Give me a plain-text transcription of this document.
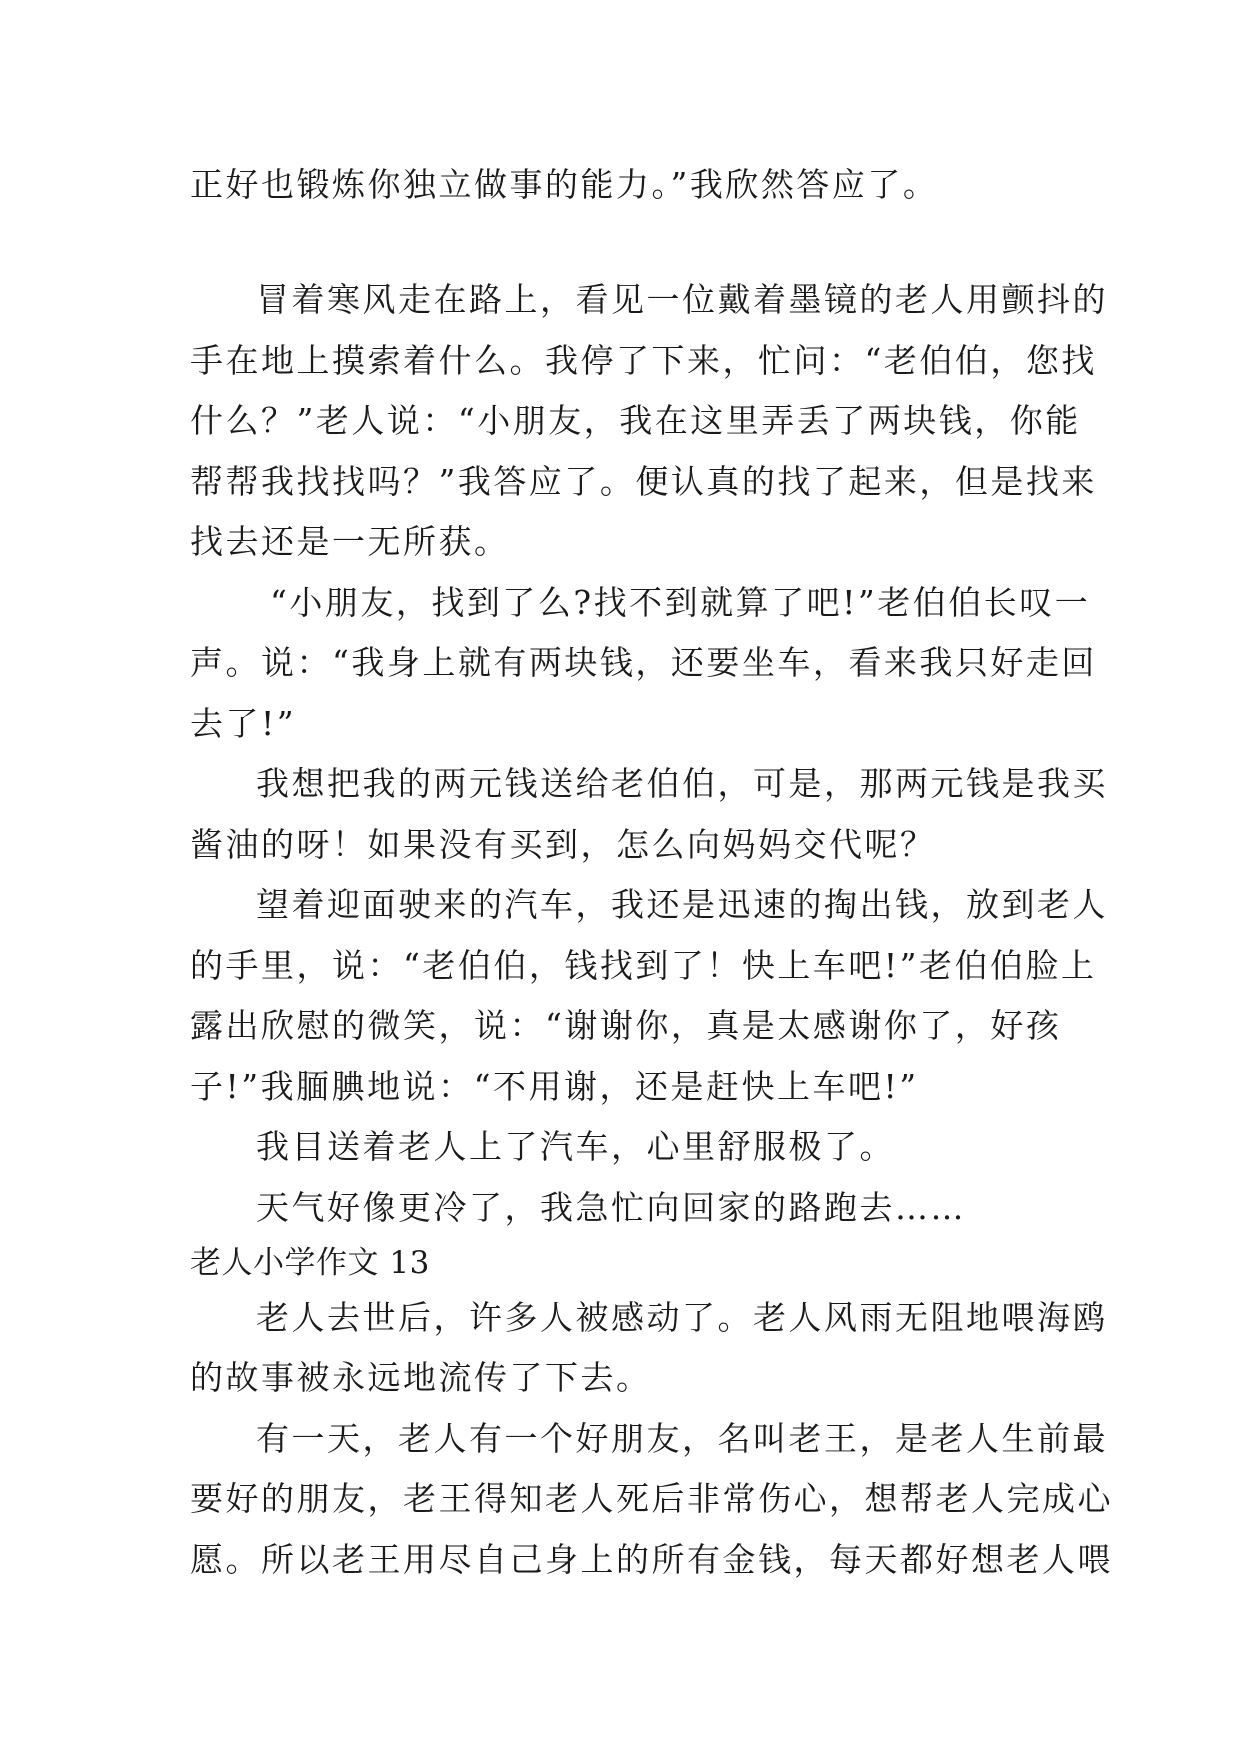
正好也锻炼你独立做事的能力。”我欣然答应了。
冒着寒风走在路上，看见一位戴着墨镜的老人用颤抖的
手在地上摸索着什么。我停了下来，忙问：“老伯伯，您找
什么？”老人说：“小朋友，我在这里弄丢了两块钱，你能
帮帮我找找吗？”我答应了。便认真的找了起来，但是找来
找去还是一无所获。
“小朋友，找到了么?找不到就算了吧!”老伯伯长叹一
声。说：“我身上就有两块钱，还要坐车，看来我只好走回
去了!”
我想把我的两元钱送给老伯伯，可是，那两元钱是我买
酱油的呀！如果没有买到，怎么向妈妈交代呢？
望着迎面驶来的汽车，我还是迅速的掏出钱，放到老人
的手里，说：“老伯伯，钱找到了！快上车吧!”老伯伯脸上
露出欣慰的微笑，说：“谢谢你，真是太感谢你了，好孩
子!”我腼腆地说：“不用谢，还是赶快上车吧!”
我目送着老人上了汽车，心里舒服极了。
天气好像更冷了，我急忙向回家的路跑去……
老人小学作文 13
老人去世后，许多人被感动了。老人风雨无阻地喂海鸥
的故事被永远地流传了下去。
有一天，老人有一个好朋友，名叫老王，是老人生前最
要好的朋友，老王得知老人死后非常伤心，想帮老人完成心
愿。所以老王用尽自己身上的所有金钱，每天都好想老人喂
